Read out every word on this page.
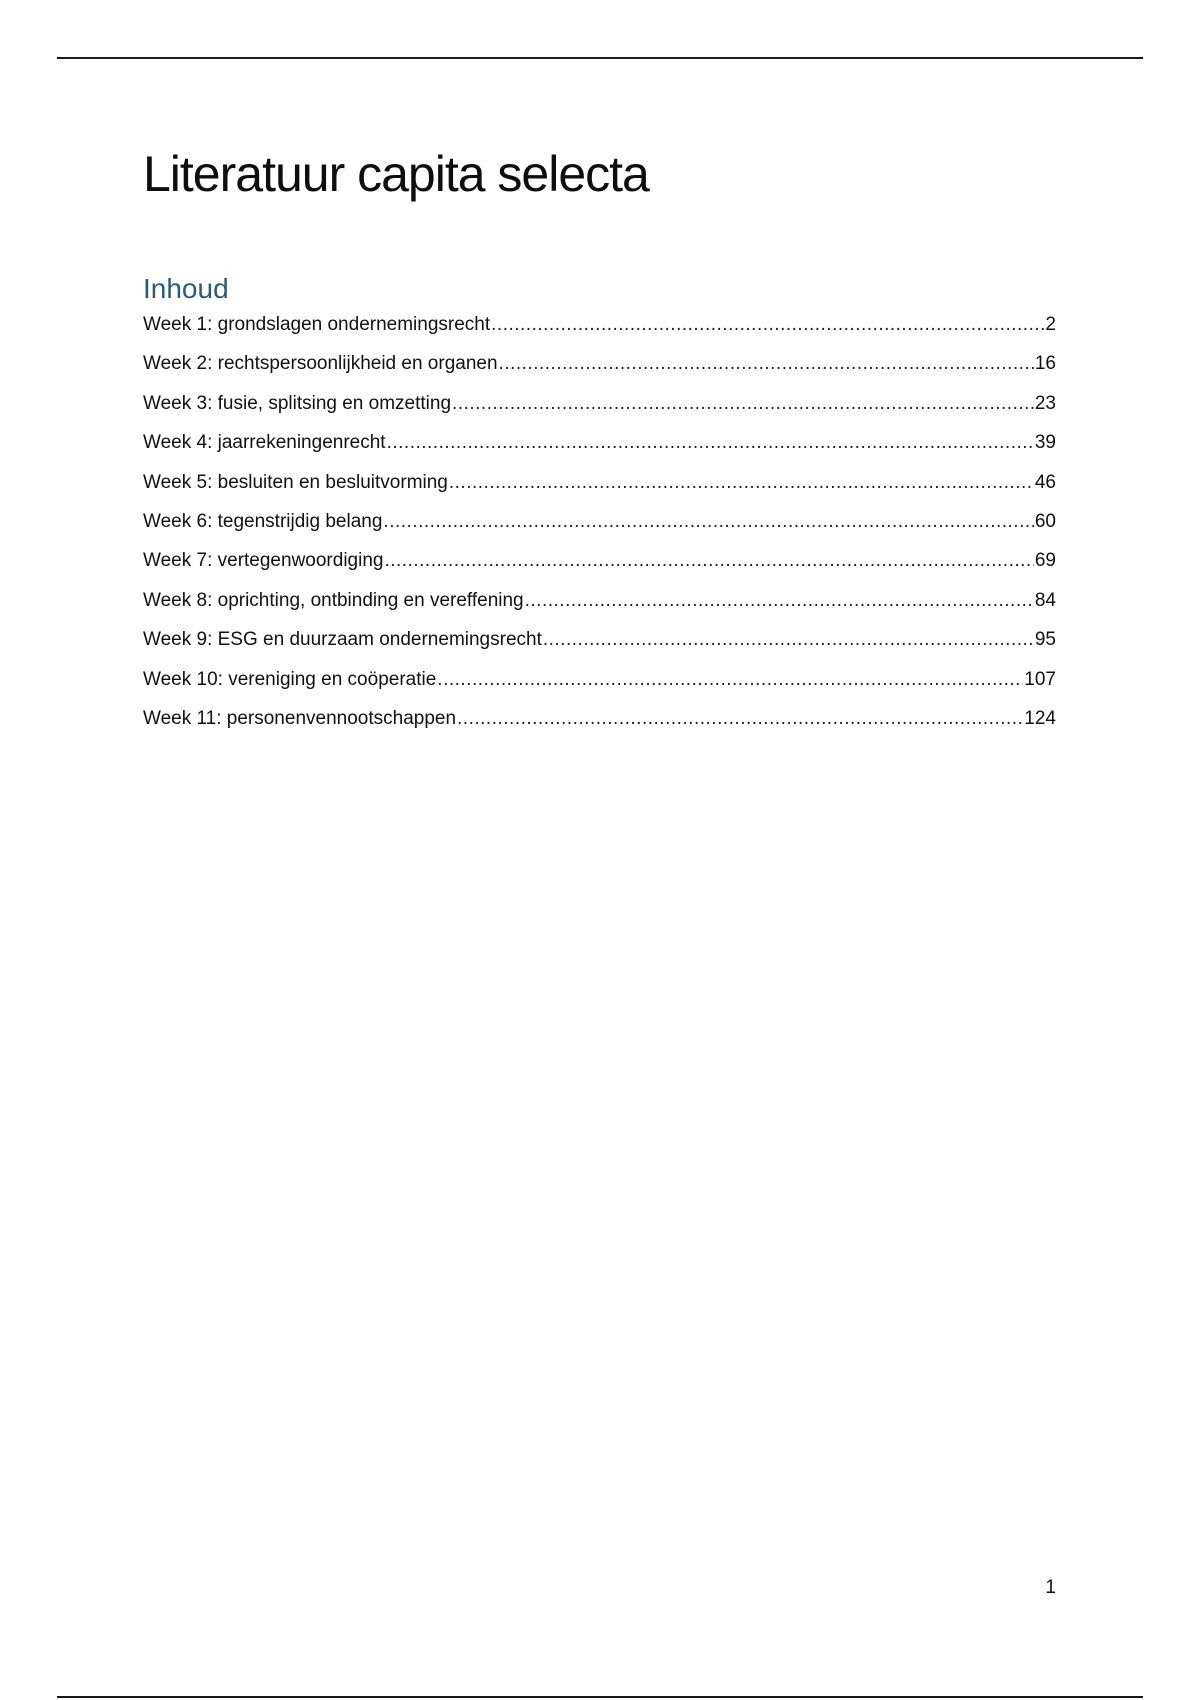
Literatuur capita selecta
Inhoud
Week 1: grondslagen ondernemingsrecht .....	2
Week 2: rechtspersoonlijkheid en organen .....	16
Week 3: fusie, splitsing en omzetting .....	23
Week 4: jaarrekeningenrecht .....	39
Week 5: besluiten en besluitvorming .....	46
Week 6: tegenstrijdig belang .....	60
Week 7: vertegenwoordiging .....	69
Week 8: oprichting, ontbinding en vereffening .....	84
Week 9: ESG en duurzaam ondernemingsrecht .....	95
Week 10: vereniging en coöperatie .....	107
Week 11: personenvennootschappen .....	124
1
